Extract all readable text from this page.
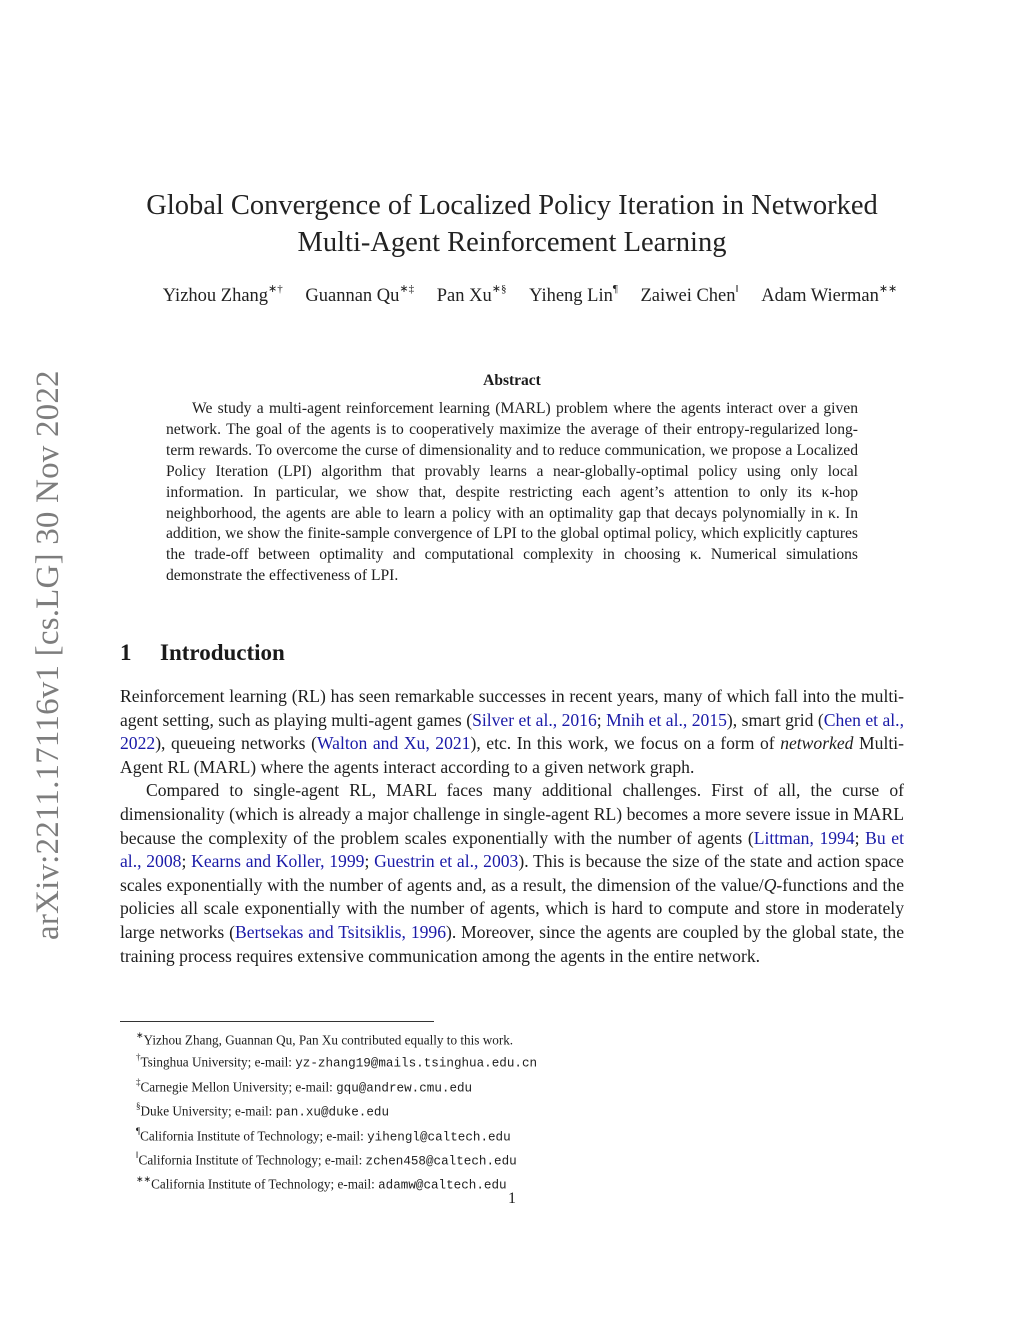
arXiv:2211.17116v1 [cs.LG] 30 Nov 2022
Global Convergence of Localized Policy Iteration in Networked
Multi-Agent Reinforcement Learning
Yizhou Zhang∗† Guannan Qu∗‡ Pan Xu∗§ Yiheng Lin¶ Zaiwei Chen‖ Adam Wierman∗∗
Abstract

We study a multi-agent reinforcement learning (MARL) problem where the agents interact over a given network. The goal of the agents is to cooperatively maximize the average of their entropy-regularized long-term rewards. To overcome the curse of dimensionality and to reduce communication, we propose a Localized Policy Iteration (LPI) algorithm that provably learns a near-globally-optimal policy using only local information. In particular, we show that, despite restricting each agent’s attention to only its κ-hop neighborhood, the agents are able to learn a policy with an optimality gap that decays polynomially in κ. In addition, we show the finite-sample convergence of LPI to the global optimal policy, which explicitly captures the trade-off between optimality and computational complexity in choosing κ. Numerical simulations demonstrate the effectiveness of LPI.

1 Introduction

Reinforcement learning (RL) has seen remarkable successes in recent years, many of which fall into the multi-agent setting, such as playing multi-agent games (Silver et al., 2016; Mnih et al., 2015), smart grid (Chen et al., 2022), queueing networks (Walton and Xu, 2021), etc. In this work, we focus on a form of networked Multi-Agent RL (MARL) where the agents interact according to a given network graph.

Compared to single-agent RL, MARL faces many additional challenges. First of all, the curse of dimensionality (which is already a major challenge in single-agent RL) becomes a more severe issue in MARL because the complexity of the problem scales exponentially with the number of agents (Littman, 1994; Bu et al., 2008; Kearns and Koller, 1999; Guestrin et al., 2003). This is because the size of the state and action space scales exponentially with the number of agents and, as a result, the dimension of the value/Q-functions and the policies all scale exponentially with the number of agents, which is hard to compute and store in moderately large networks (Bertsekas and Tsitsiklis, 1996). Moreover, since the agents are coupled by the global state, the training process requires extensive communication among the agents in the entire network.

∗Yizhou Zhang, Guannan Qu, Pan Xu contributed equally to this work.
†Tsinghua University; e-mail: yz-zhang19@mails.tsinghua.edu.cn
‡Carnegie Mellon University; e-mail: gqu@andrew.cmu.edu
§Duke University; e-mail: pan.xu@duke.edu
¶California Institute of Technology; e-mail: yihengl@caltech.edu
‖California Institute of Technology; e-mail: zchen458@caltech.edu
∗∗California Institute of Technology; e-mail: adamw@caltech.edu
1
